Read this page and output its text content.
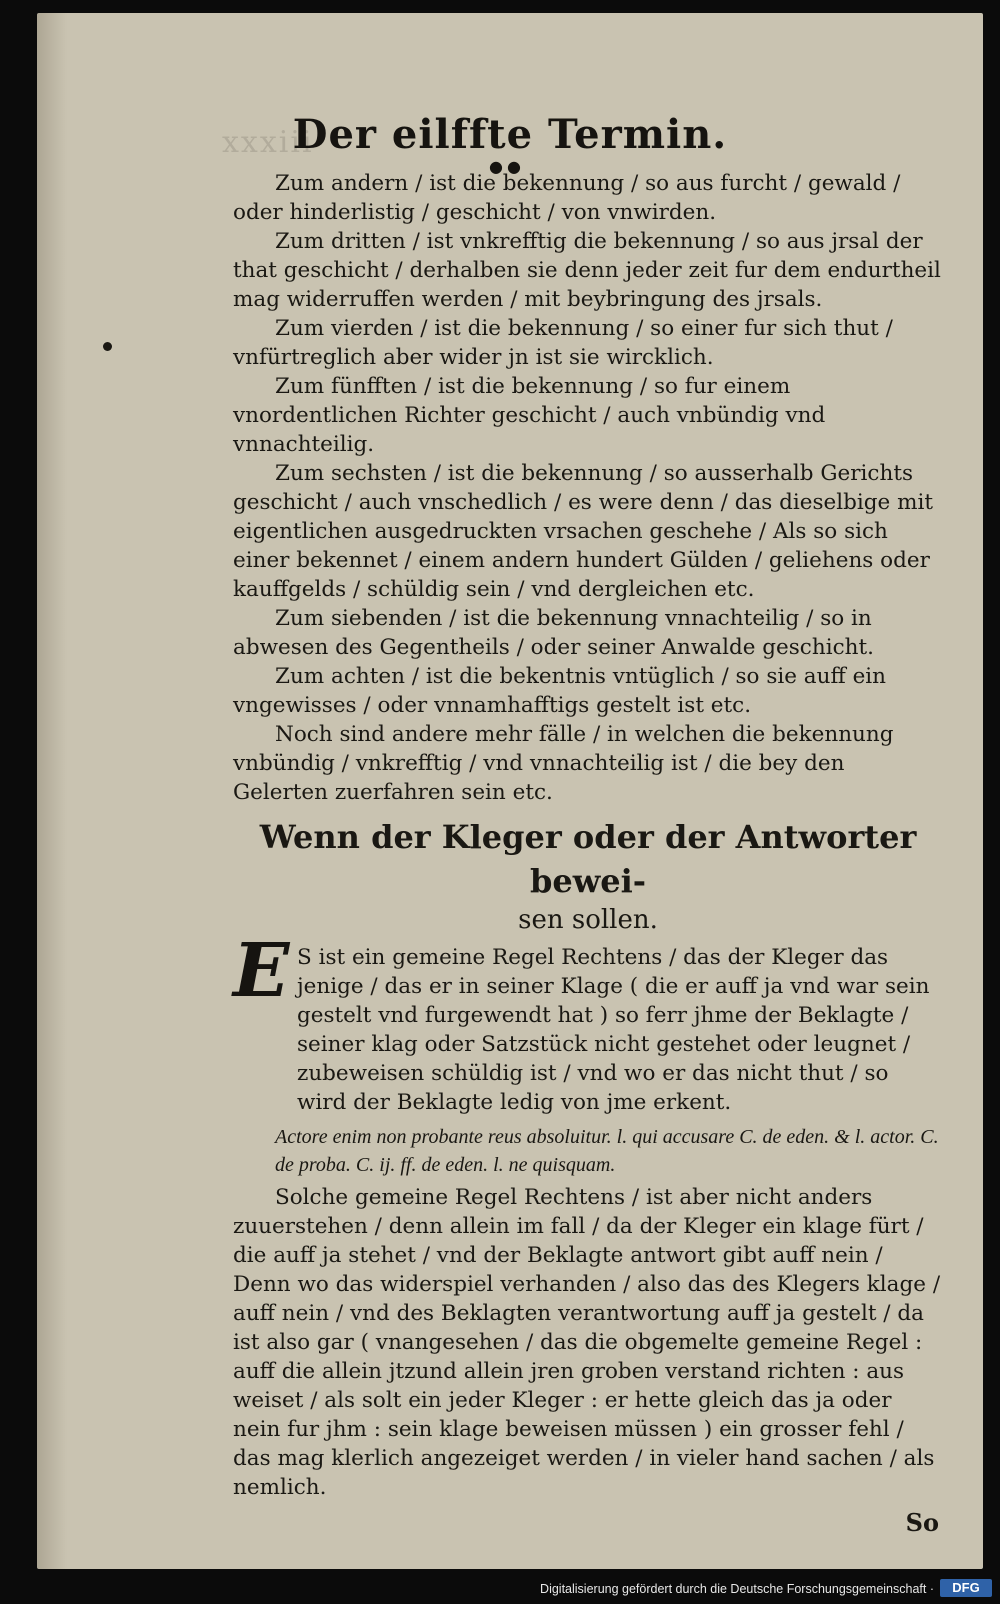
xxxiii
Der eilffte Termin.
●●

Zum andern / ist die bekennung / so aus furcht / gewald / oder hinderlistig / geschicht / von vnwirden.

Zum dritten / ist vnkrefftig die bekennung / so aus jrsal der that geschicht / derhalben sie denn jeder zeit fur dem endurtheil mag widerruffen werden / mit beybringung des jrsals.

Zum vierden / ist die bekennung / so einer fur sich thut / vnfürtreglich aber wider jn ist sie wircklich.

Zum fünfften / ist die bekennung / so fur einem vnordentlichen Richter geschicht / auch vnbündig vnd vnnachteilig.

Zum sechsten / ist die bekennung / so ausserhalb Gerichts geschicht / auch vnschedlich / es were denn / das dieselbige mit eigentlichen ausgedruckten vrsachen geschehe / Als so sich einer bekennet / einem andern hundert Gülden / geliehens oder kauffgelds / schüldig sein / vnd dergleichen etc.

Zum siebenden / ist die bekennung vnnachteilig / so in abwesen des Gegentheils / oder seiner Anwalde geschicht.

Zum achten / ist die bekentnis vntüglich / so sie auff ein vngewisses / oder vnnamhafftigs gestelt ist etc.

Noch sind andere mehr fälle / in welchen die bekennung vnbündig / vnkrefftig / vnd vnnachteilig ist / die bey den Gelerten zuerfahren sein etc.

Wenn der Kleger oder der Antworter bewei-
sen sollen.
E S ist ein gemeine Regel Rechtens / das der Kleger das jenige / das er in seiner Klage ( die er auff ja vnd war sein gestelt vnd furgewendt hat ) so ferr jhme der Beklagte / seiner klag oder Satzstück nicht gestehet oder leugnet / zubeweisen schüldig ist / vnd wo er das nicht thut / so wird der Beklagte ledig von jme erkent.

Actore enim non probante reus absoluitur. l. qui accusare C. de eden. & l. actor. C. de proba. C. ij. ff. de eden. l. ne quisquam.

Solche gemeine Regel Rechtens / ist aber nicht anders zuuerstehen / denn allein im fall / da der Kleger ein klage fürt / die auff ja stehet / vnd der Beklagte antwort gibt auff nein / Denn wo das widerspiel verhanden / also das des Klegers klage / auff nein / vnd des Beklagten verantwortung auff ja gestelt / da ist also gar ( vnangesehen / das die obgemelte gemeine Regel : auff die allein jtzund allein jren groben verstand richten : aus weiset / als solt ein jeder Kleger : er hette gleich das ja oder nein fur jhm : sein klage beweisen müssen ) ein grosser fehl / das mag klerlich angezeiget werden / in vieler hand sachen / als nemlich.

So
Digitalisierung gefördert durch die Deutsche Forschungsgemeinschaft ·	DFG
